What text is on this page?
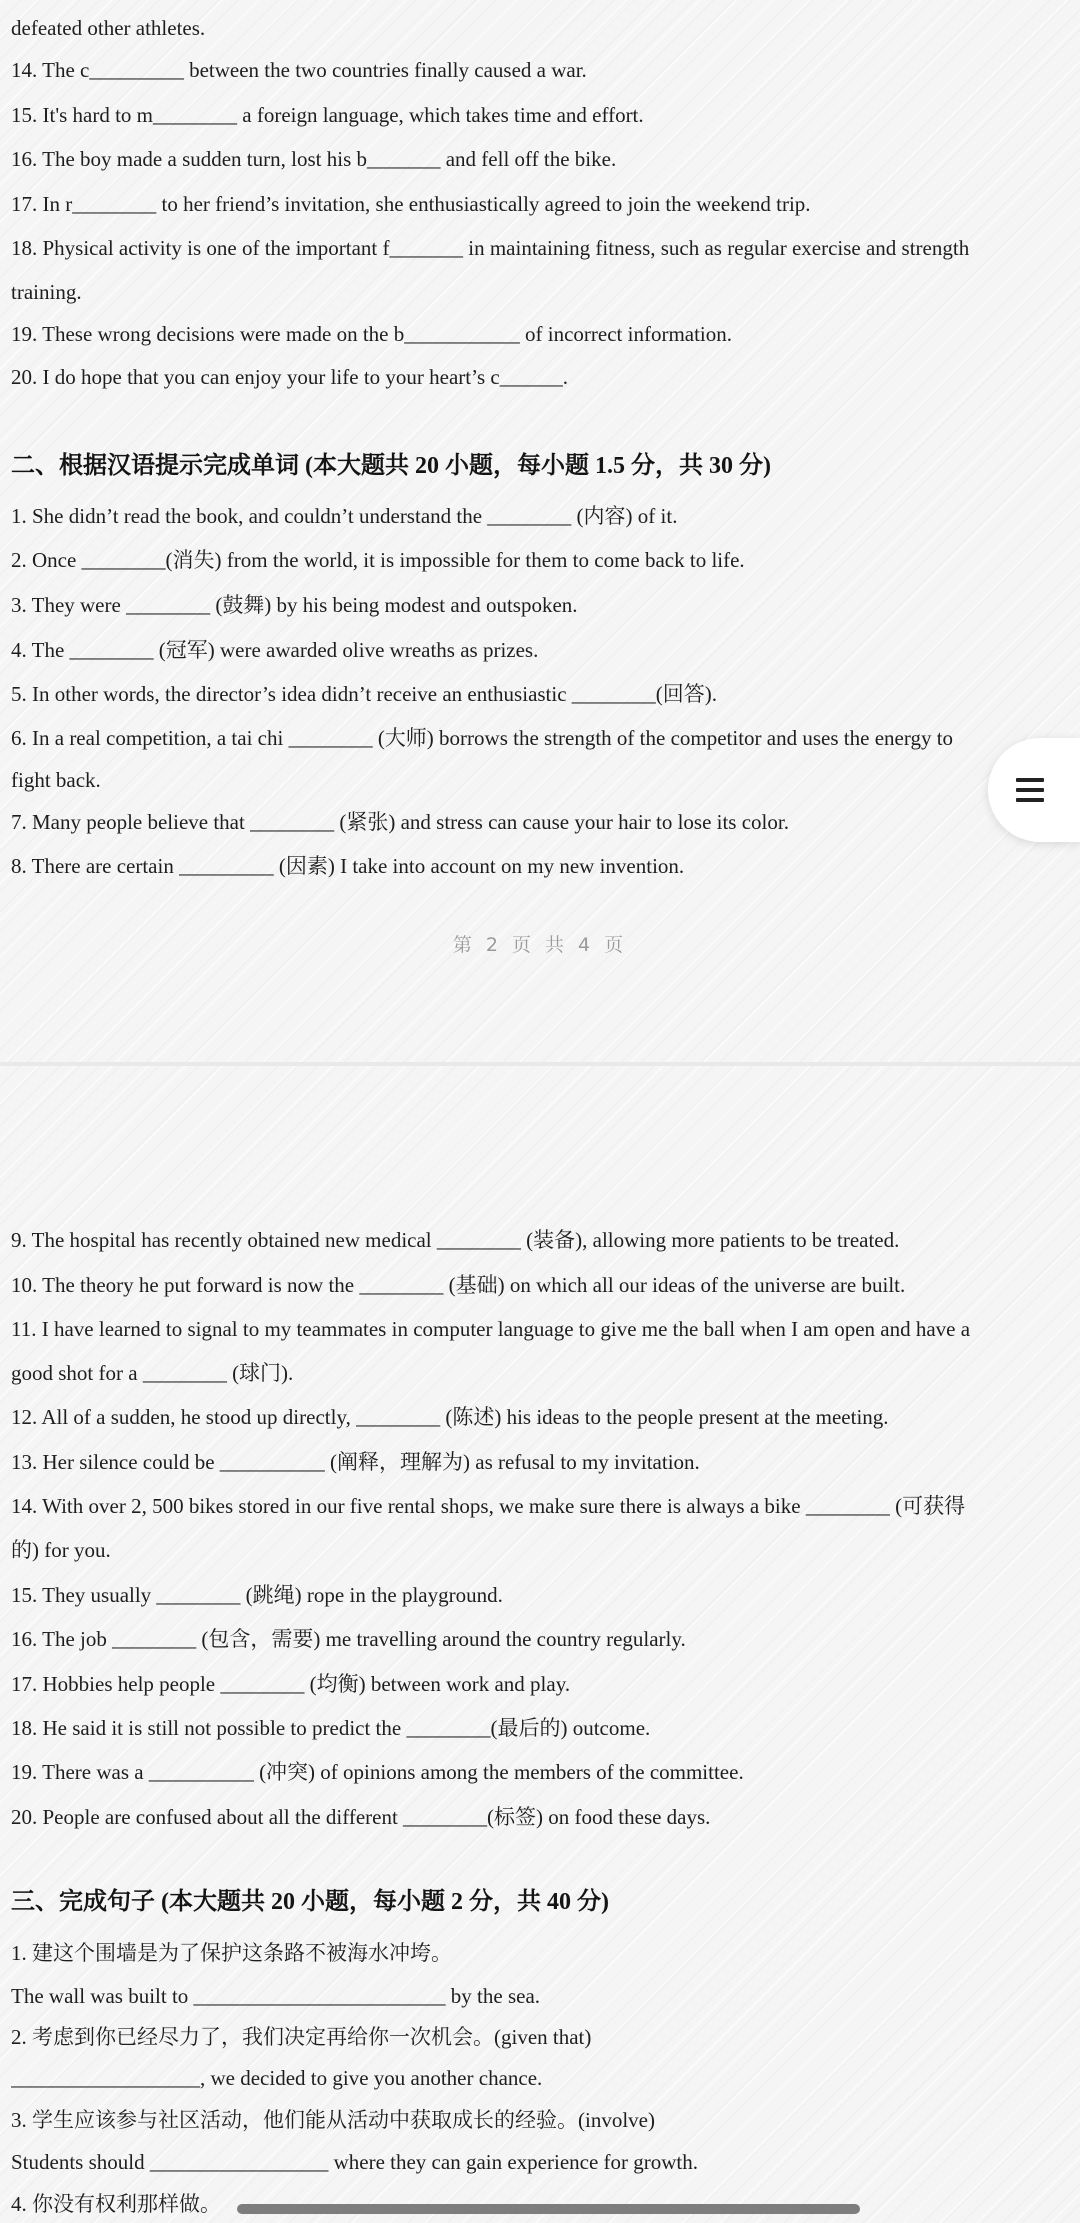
defeated other athletes.
14. The c_________ between the two countries finally caused a war.
15. It's hard to m________ a foreign language, which takes time and effort.
16. The boy made a sudden turn, lost his b_______ and fell off the bike.
17. In r________ to her friend’s invitation, she enthusiastically agreed to join the weekend trip.
18. Physical activity is one of the important f_______ in maintaining fitness, such as regular exercise and strength
training.
19. These wrong decisions were made on the b___________ of incorrect information.
20. I do hope that you can enjoy your life to your heart’s c______.
二、根据汉语提示完成单词 (本大题共 20 小题，每小题 1.5 分，共 30 分)
1. She didn’t read the book, and couldn’t understand the ________ (内容) of it.
2. Once ________(消失) from the world, it is impossible for them to come back to life.
3. They were ________ (鼓舞) by his being modest and outspoken.
4. The ________ (冠军) were awarded olive wreaths as prizes.
5. In other words, the director’s idea didn’t receive an enthusiastic ________(回答).
6. In a real competition, a tai chi ________ (大师) borrows the strength of the competitor and uses the energy to
fight back.
7. Many people believe that ________ (紧张) and stress can cause your hair to lose its color.
8. There are certain _________ (因素) I take into account on my new invention.
第 2 页 共 4 页
9. The hospital has recently obtained new medical ________ (装备), allowing more patients to be treated.
10. The theory he put forward is now the ________ (基础) on which all our ideas of the universe are built.
11. I have learned to signal to my teammates in computer language to give me the ball when I am open and have a
good shot for a ________ (球门).
12. All of a sudden, he stood up directly, ________ (陈述) his ideas to the people present at the meeting.
13. Her silence could be __________ (阐释，理解为) as refusal to my invitation.
14. With over 2, 500 bikes stored in our five rental shops, we make sure there is always a bike ________ (可获得
的) for you.
15. They usually ________ (跳绳) rope in the playground.
16. The job ________ (包含，需要) me travelling around the country regularly.
17. Hobbies help people ________ (均衡) between work and play.
18. He said it is still not possible to predict the ________(最后的) outcome.
19. There was a __________ (冲突) of opinions among the members of the committee.
20. People are confused about all the different ________(标签) on food these days.
三、完成句子 (本大题共 20 小题，每小题 2 分，共 40 分)
1. 建这个围墙是为了保护这条路不被海水冲垮。
The wall was built to ________________________ by the sea.
2. 考虑到你已经尽力了，我们决定再给你一次机会。(given that)
__________________, we decided to give you another chance.
3. 学生应该参与社区活动，他们能从活动中获取成长的经验。(involve)
Students should _________________ where they can gain experience for growth.
4. 你没有权利那样做。
